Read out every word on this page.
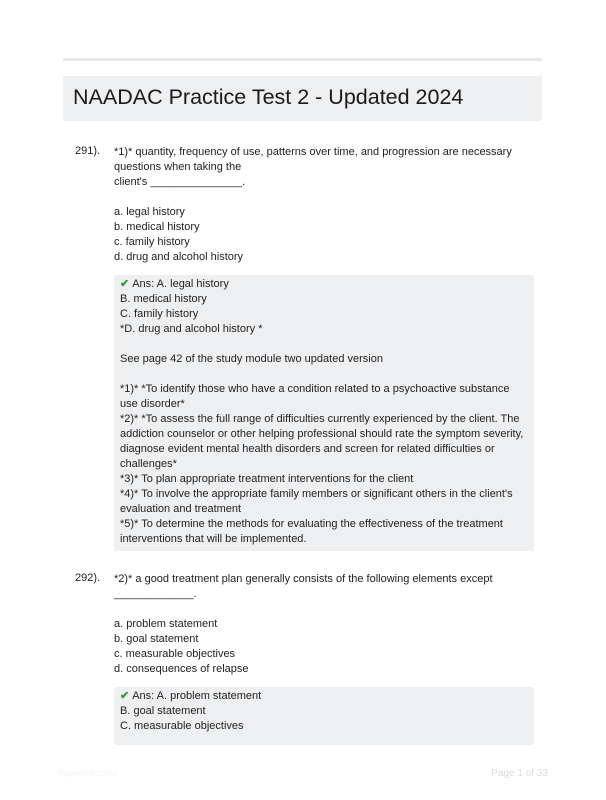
NAADAC Practice Test 2 - Updated 2024
291). *1)* quantity, frequency of use, patterns over time, and progression are necessary
questions when taking the
client's _______________.
a. legal history
b. medical history
c. family history
d. drug and alcohol history

✔ Ans: A. legal history

B. medical history

C. family history

*D. drug and alcohol history *

See page 42 of the study module two updated version

*1)* *To identify those who have a condition related to a psychoactive substance use disorder*

*2)* *To assess the full range of difficulties currently experienced by the client. The addiction counselor or other helping professional should rate the symptom severity, diagnose evident mental health disorders and screen for related difficulties or challenges*

*3)* To plan appropriate treatment interventions for the client

*4)* To involve the appropriate family members or significant others in the client's evaluation and treatment

*5)* To determine the methods for evaluating the effectiveness of the treatment interventions that will be implemented.

292). *2)* a good treatment plan generally consists of the following elements except
_____________.
a. problem statement
b. goal statement
c. measurable objectives
d. consequences of relapse

✔ Ans: A. problem statement

B. goal statement

C. measurable objectives

Paperfinic.com	Page 1 of 33
